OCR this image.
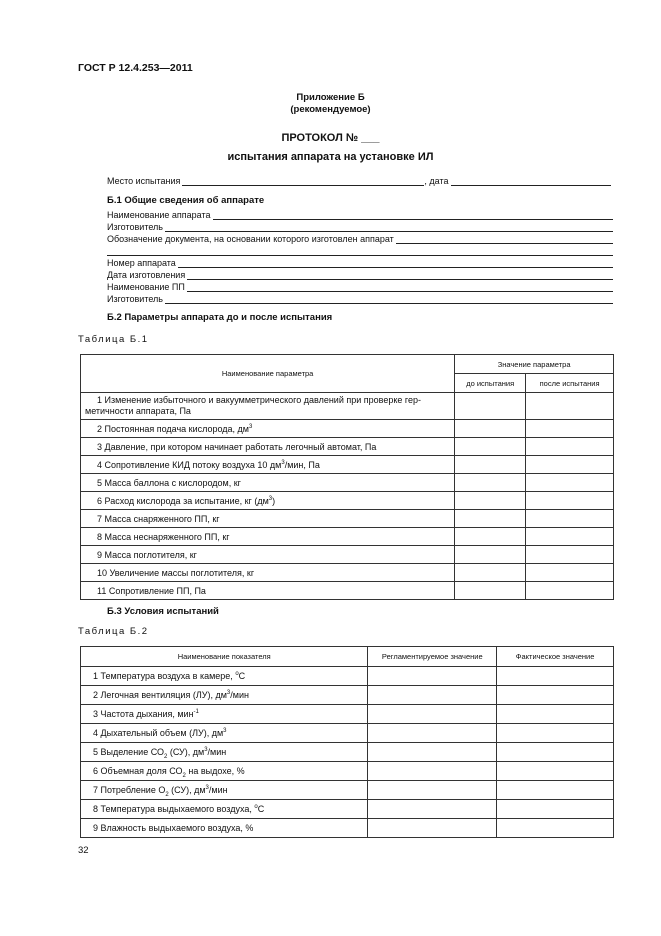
ГОСТ Р 12.4.253—2011
Приложение Б
(рекомендуемое)
ПРОТОКОЛ № ___
испытания аппарата на установке ИЛ
Место испытания	, дата
Б.1 Общие сведения об аппарате
Наименование аппарата
Изготовитель
Обозначение документа, на основании которого изготовлен аппарат
Номер аппарата
Дата изготовления
Наименование ПП
Изготовитель
Б.2 Параметры аппарата до и после испытания
Таблица Б.1
Наименование параметра	Значение параметра	
	до испытания	после испытания
1 Изменение избыточного и вакуумметрического давлений при проверке гер-метичности аппарата, Па		
2 Постоянная подача кислорода, $дм^3$		
3 Давление, при котором начинает работать легочный автомат, Па		
4 Сопротивление КИД потоку воздуха 10 $дм^3$/мин, Па		
5 Масса баллона с кислородом, кг		
6 Расход кислорода за испытание, кг $(дм^3)$		
7 Масса снаряженного ПП, кг		
8 Масса неснаряженного ПП, кг		
9 Масса поглотителя, кг		
10 Увеличение массы поглотителя, кг		
11 Сопротивление ПП, Па		
Б.3 Условия испытаний
Таблица Б.2
Наименование показателя	Регламентируемое значение	Фактическое значение
1 Температура воздуха в камере, $^о$С		
2 Легочная вентиляция (ЛУ), $дм^3$/мин		
3 Частота дыхания, мин$^{-1}$		
4 Дыхательный объем (ЛУ), $дм^3$		
5 Выделение $СО_2$ (СУ), $дм^3$/мин		
6 Объемная доля $СО_2$ на выдохе, %		
7 Потребление $О_2$ (СУ), $дм^3$/мин		
8 Температура выдыхаемого воздуха, $^о$С		
9 Влажность выдыхаемого воздуха, %		
32
